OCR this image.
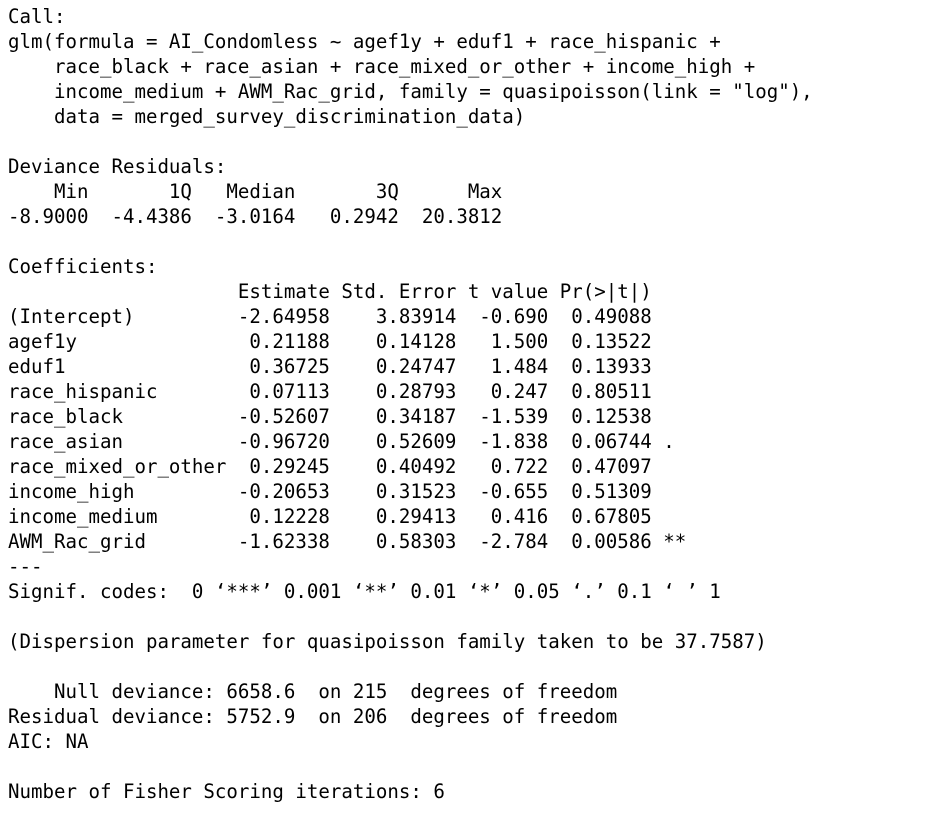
Call:
glm(formula = AI_Condomless ~ agef1y + eduf1 + race_hispanic +
race_black + race_asian + race_mixed_or_other + income_high +
income_medium + AWM_Rac_grid, family = quasipoisson(link = "log"),
data = merged_survey_discrimination_data)
Deviance Residuals:
Min       1Q   Median       3Q      Max
-8.9000  -4.4386  -3.0164   0.2942  20.3812
Coefficients:
Estimate Std. Error t value Pr(>|t|)
(Intercept)         -2.64958    3.83914  -0.690  0.49088
agef1y               0.21188    0.14128   1.500  0.13522
eduf1                0.36725    0.24747   1.484  0.13933
race_hispanic        0.07113    0.28793   0.247  0.80511
race_black          -0.52607    0.34187  -1.539  0.12538
race_asian          -0.96720    0.52609  -1.838  0.06744 .
race_mixed_or_other  0.29245    0.40492   0.722  0.47097
income_high         -0.20653    0.31523  -0.655  0.51309
income_medium        0.12228    0.29413   0.416  0.67805
AWM_Rac_grid        -1.62338    0.58303  -2.784  0.00586 **
---
Signif. codes:  0 ‘***’ 0.001 ‘**’ 0.01 ‘*’ 0.05 ‘.’ 0.1 ‘ ’ 1
(Dispersion parameter for quasipoisson family taken to be 37.7587)
Null deviance: 6658.6  on 215  degrees of freedom
Residual deviance: 5752.9  on 206  degrees of freedom
AIC: NA
Number of Fisher Scoring iterations: 6
